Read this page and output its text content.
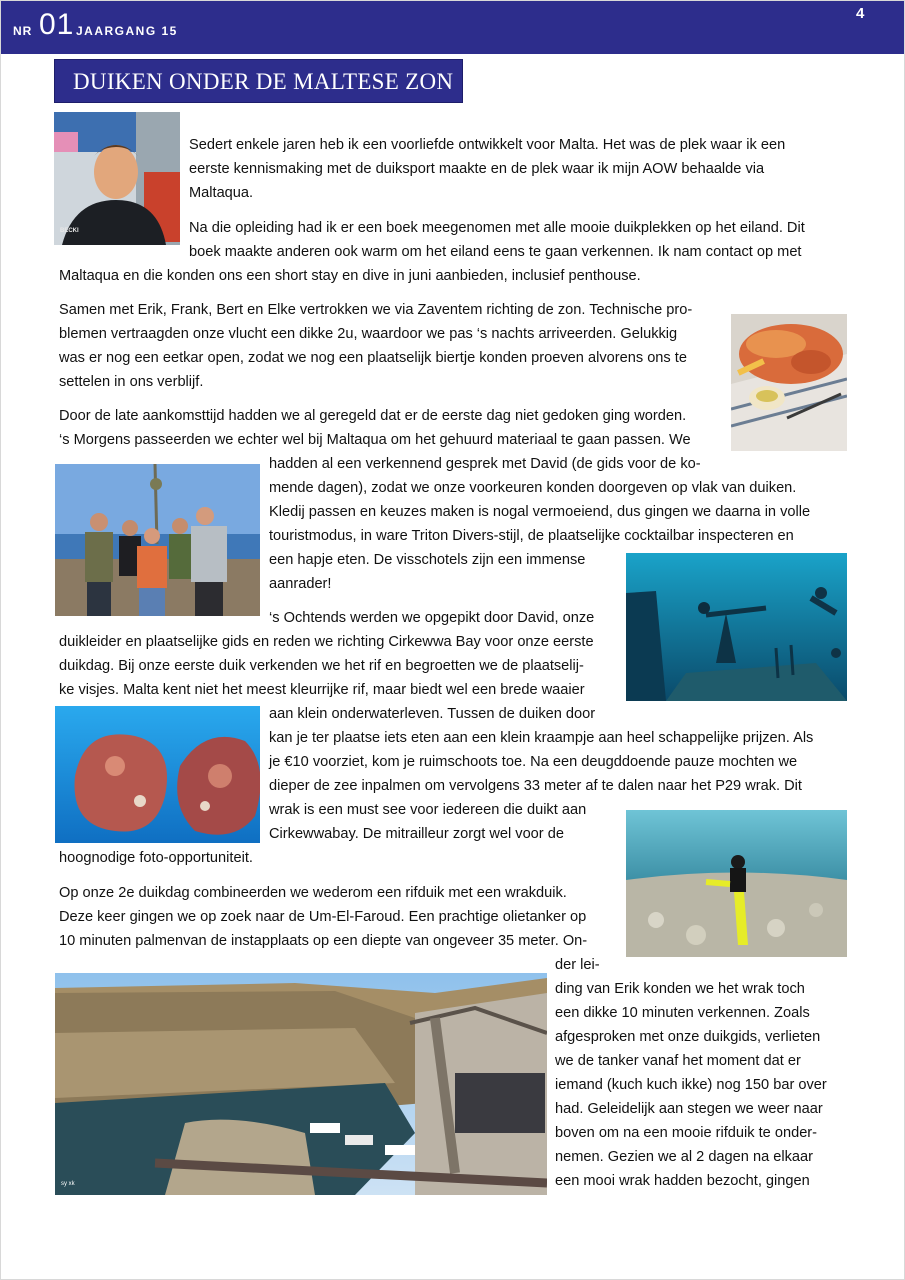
NR 01 JAARGANG 15
4
DUIKEN ONDER DE MALTESE ZON
BECKI
sy xk
Sedert enkele jaren heb ik een voorliefde ontwikkelt voor Malta. Het was de plek waar ik een
eerste kennismaking met de duiksport maakte en de plek waar ik mijn AOW behaalde via
Maltaqua.
Na die opleiding had ik er een boek meegenomen met alle mooie duikplekken op het eiland. Dit
boek maakte anderen ook warm om het eiland eens te gaan verkennen. Ik nam contact op met
Maltaqua en die konden ons een short stay en dive in juni aanbieden, inclusief penthouse.
Samen met Erik, Frank, Bert en Elke vertrokken we via Zaventem richting de zon. Technische pro-
blemen vertraagden onze vlucht een dikke 2u, waardoor we pas ‘s nachts arriveerden. Gelukkig
was er nog een eetkar open, zodat we nog een plaatselijk biertje konden proeven alvorens ons te
settelen in ons verblijf.
Door de late aankomsttijd hadden we al geregeld dat er de eerste dag niet gedoken ging worden.
‘s Morgens passeerden we echter wel bij Maltaqua om het gehuurd materiaal te gaan passen. We
hadden al een verkennend gesprek met David (de gids voor de ko-
mende dagen), zodat we onze voorkeuren konden doorgeven op vlak van duiken.
Kledij passen en keuzes maken is nogal vermoeiend, dus gingen we daarna in volle
touristmodus, in ware Triton Divers-stijl, de plaatselijke cocktailbar inspecteren en
een hapje eten. De visschotels zijn een immense
aanrader!
‘s Ochtends werden we opgepikt door David, onze
duikleider en plaatselijke gids en reden we richting Cirkewwa Bay voor onze eerste
duikdag. Bij onze eerste duik verkenden we het rif en begroetten we de plaatselij-
ke visjes. Malta kent niet het meest kleurrijke rif, maar biedt wel een brede waaier
aan klein onderwaterleven. Tussen de duiken door
kan je ter plaatse iets eten aan een klein kraampje aan heel schappelijke prijzen. Als
je €10 voorziet, kom je ruimschoots toe. Na een deugddoende pauze mochten we
dieper de zee inpalmen om vervolgens 33 meter af te dalen naar het P29 wrak. Dit
wrak is een must see voor iedereen die duikt aan
Cirkewwabay. De mitrailleur zorgt wel voor de
hoognodige foto-opportuniteit.
Op onze 2e duikdag combineerden we wederom een rifduik met een wrakduik.
Deze keer gingen we op zoek naar de Um-El-Faroud. Een prachtige olietanker op
10 minuten palmenvan de instapplaats op een diepte van ongeveer 35 meter. On-
der lei-
ding van Erik konden we het wrak toch
een dikke 10 minuten verkennen. Zoals
afgesproken met onze duikgids, verlieten
we de tanker vanaf het moment dat er
iemand (kuch kuch ikke) nog 150 bar over
had. Geleidelijk aan stegen we weer naar
boven om na een mooie rifduik te onder-
nemen. Gezien we al 2 dagen na elkaar
een mooi wrak hadden bezocht, gingen
